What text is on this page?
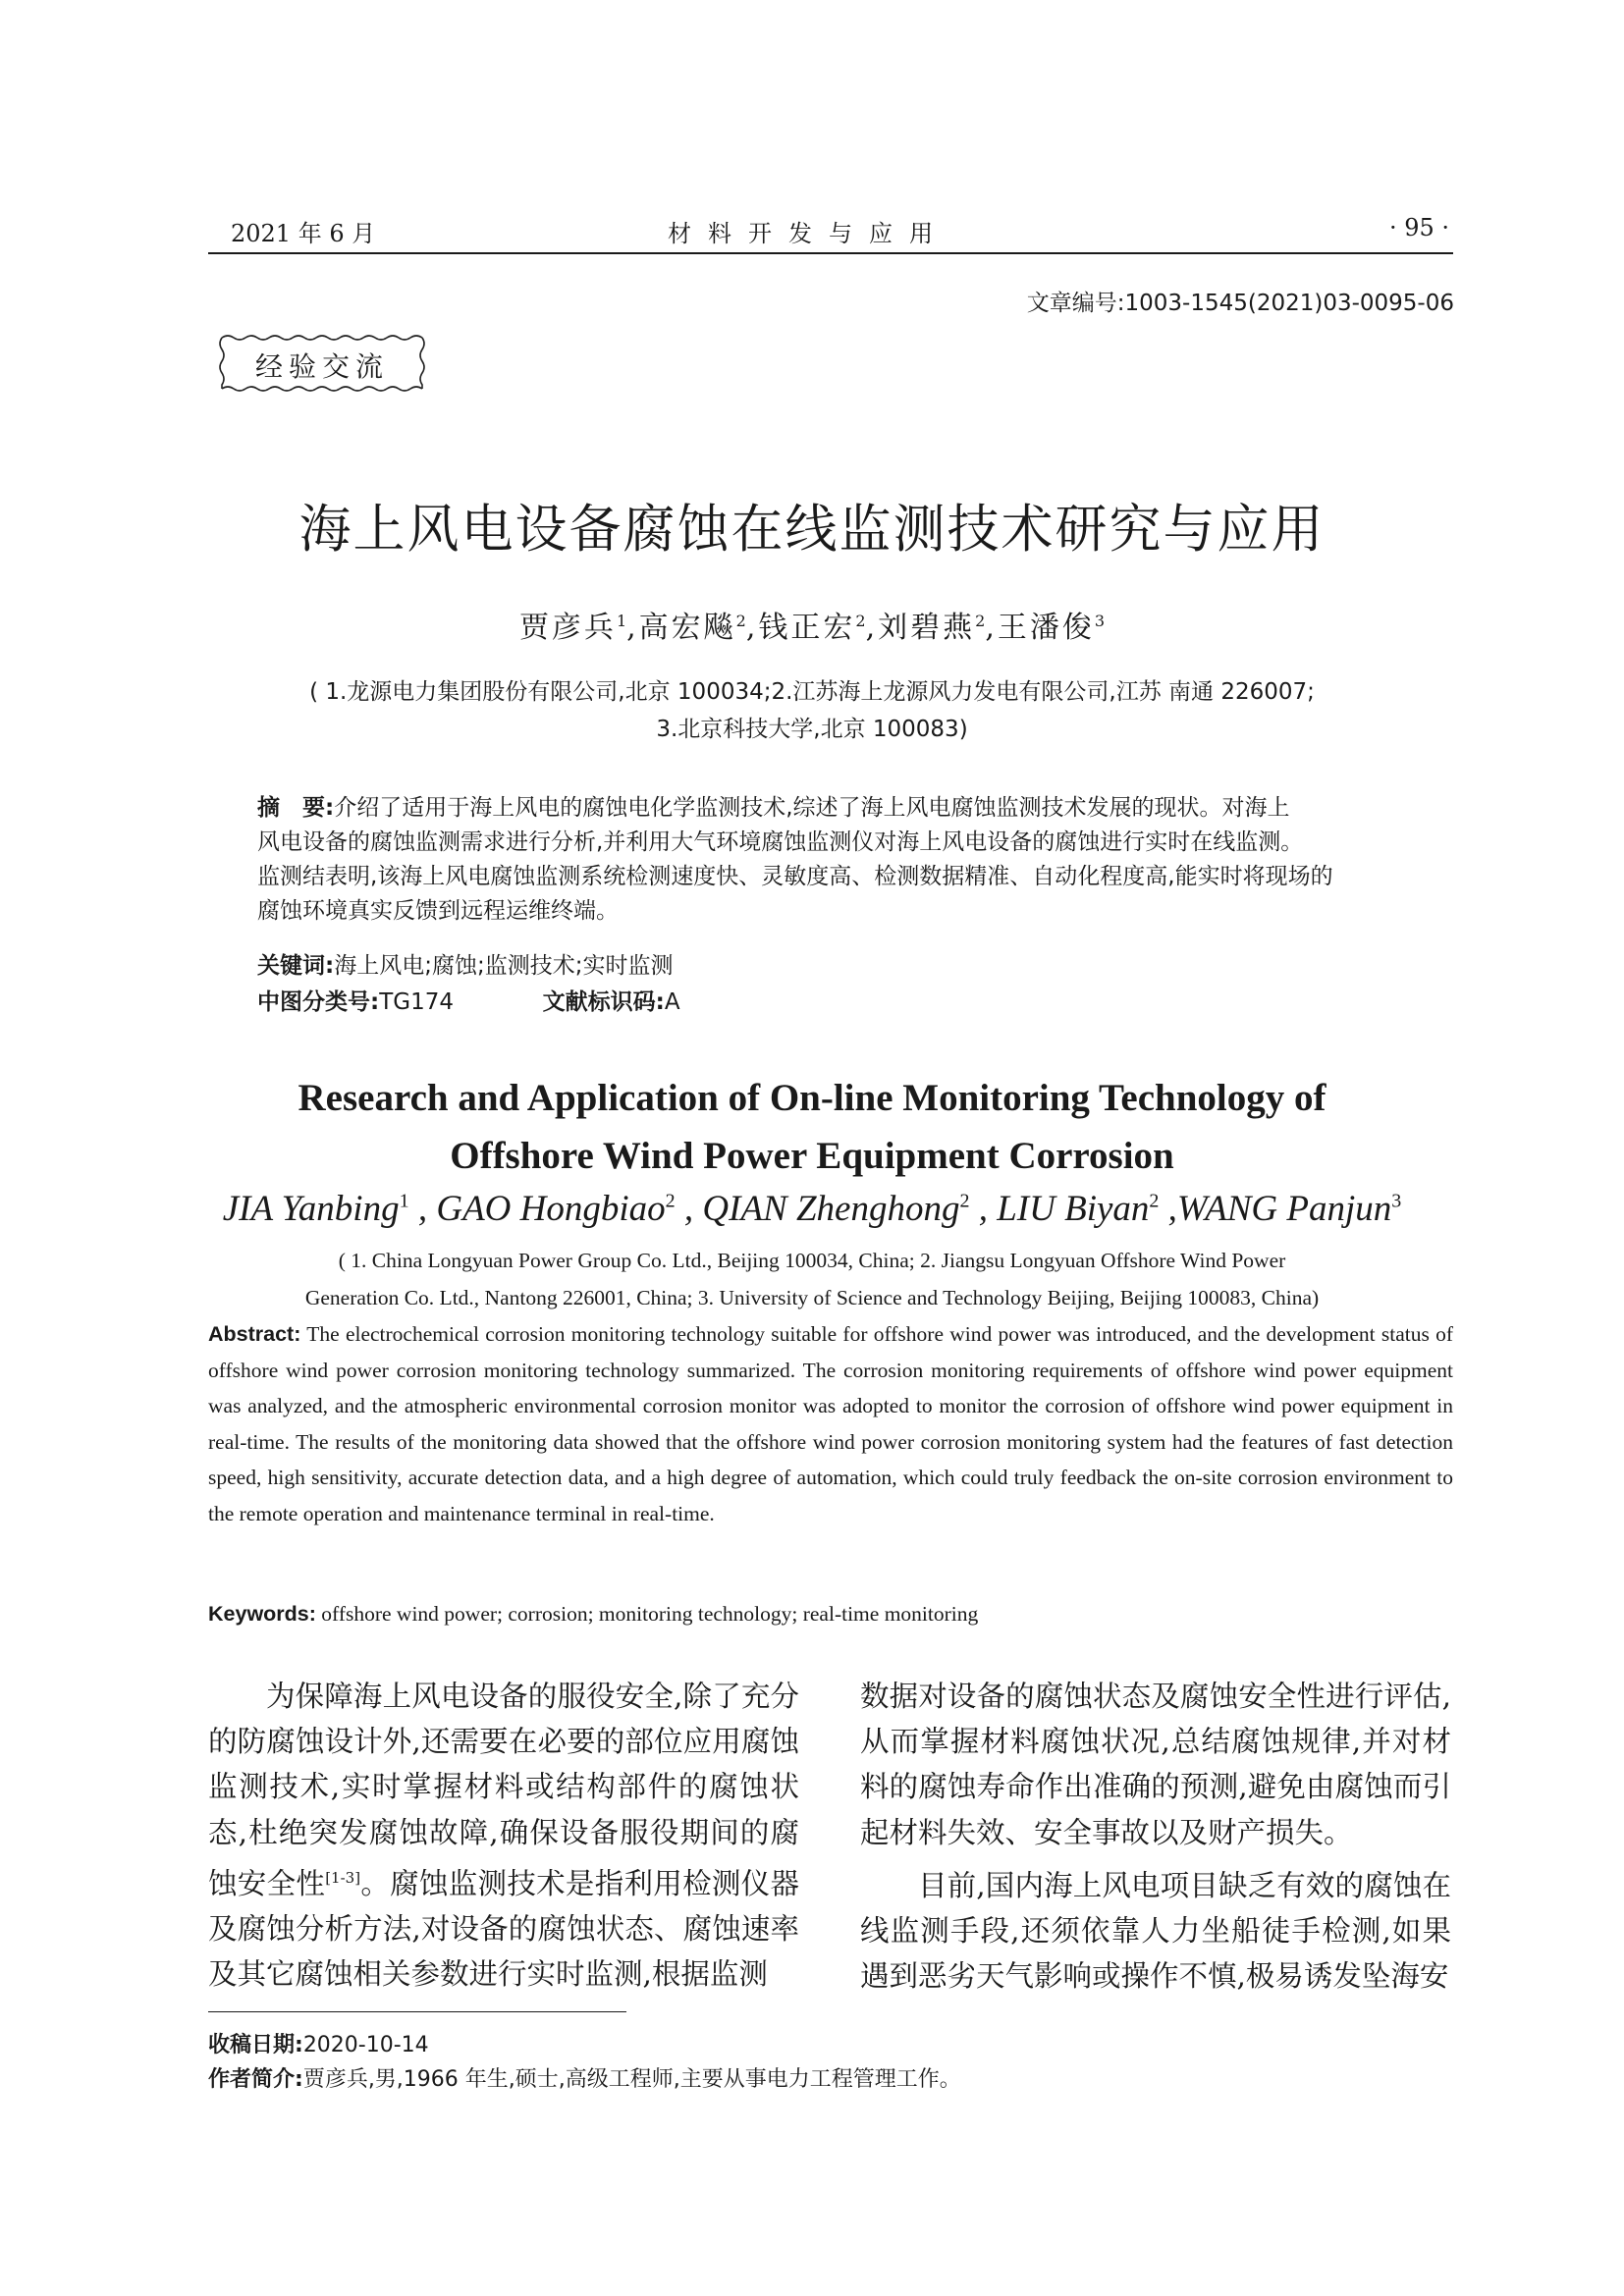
2021 年 6 月	材料开发与应用	· 95 ·
文章编号:1003-1545(2021)03-0095-06
经验交流
海上风电设备腐蚀在线监测技术研究与应用
贾彦兵$^1$,高宏飚$^2$,钱正宏$^2$,刘碧燕$^2$,王潘俊$^3$
( 1.龙源电力集团股份有限公司,北京 100034;2.江苏海上龙源风力发电有限公司,江苏 南通 226007;
3.北京科技大学,北京 100083)
摘　要:介绍了适用于海上风电的腐蚀电化学监测技术,综述了海上风电腐蚀监测技术发展的现状。对海上
风电设备的腐蚀监测需求进行分析,并利用大气环境腐蚀监测仪对海上风电设备的腐蚀进行实时在线监测。
监测结表明,该海上风电腐蚀监测系统检测速度快、灵敏度高、检测数据精准、自动化程度高,能实时将现场的
腐蚀环境真实反馈到远程运维终端。
关键词:海上风电;腐蚀;监测技术;实时监测
中图分类号:TG174	文献标识码:A
Research and Application of On-line Monitoring Technology of
Offshore Wind Power Equipment Corrosion
JIA Yanbing$^1$ , GAO Hongbiao$^2$ , QIAN Zhenghong$^2$ , LIU Biyan$^2$ ,WANG Panjun$^3$
( 1. China Longyuan Power Group Co. Ltd., Beijing 100034, China; 2. Jiangsu Longyuan Offshore Wind Power
Generation Co. Ltd., Nantong 226001, China; 3. University of Science and Technology Beijing, Beijing 100083, China)
Abstract: The electrochemical corrosion monitoring technology suitable for offshore wind power was introduced, and the development status of offshore wind power corrosion monitoring technology summarized. The corrosion monitoring requirements of offshore wind power equipment was analyzed, and the atmospheric environmental corrosion monitor was adopted to monitor the corrosion of offshore wind power equipment in real-time. The results of the monitoring data showed that the offshore wind power corrosion monitoring system had the features of fast detection speed, high sensitivity, accurate detection data, and a high degree of automation, which could truly feedback the on-site corrosion environment to the remote operation and maintenance terminal in real-time.
Keywords: offshore wind power; corrosion; monitoring technology; real-time monitoring
为保障海上风电设备的服役安全,除了充分的防腐蚀设计外,还需要在必要的部位应用腐蚀监测技术,实时掌握材料或结构部件的腐蚀状态,杜绝突发腐蚀故障,确保设备服役期间的腐蚀安全性[1-3]。腐蚀监测技术是指利用检测仪器及腐蚀分析方法,对设备的腐蚀状态、腐蚀速率及其它腐蚀相关参数进行实时监测,根据监测
数据对设备的腐蚀状态及腐蚀安全性进行评估,从而掌握材料腐蚀状况,总结腐蚀规律,并对材料的腐蚀寿命作出准确的预测,避免由腐蚀而引起材料失效、安全事故以及财产损失。
目前,国内海上风电项目缺乏有效的腐蚀在线监测手段,还须依靠人力坐船徒手检测,如果遇到恶劣天气影响或操作不慎,极易诱发坠海安
收稿日期:2020-10-14
作者简介:贾彦兵,男,1966 年生,硕士,高级工程师,主要从事电力工程管理工作。
